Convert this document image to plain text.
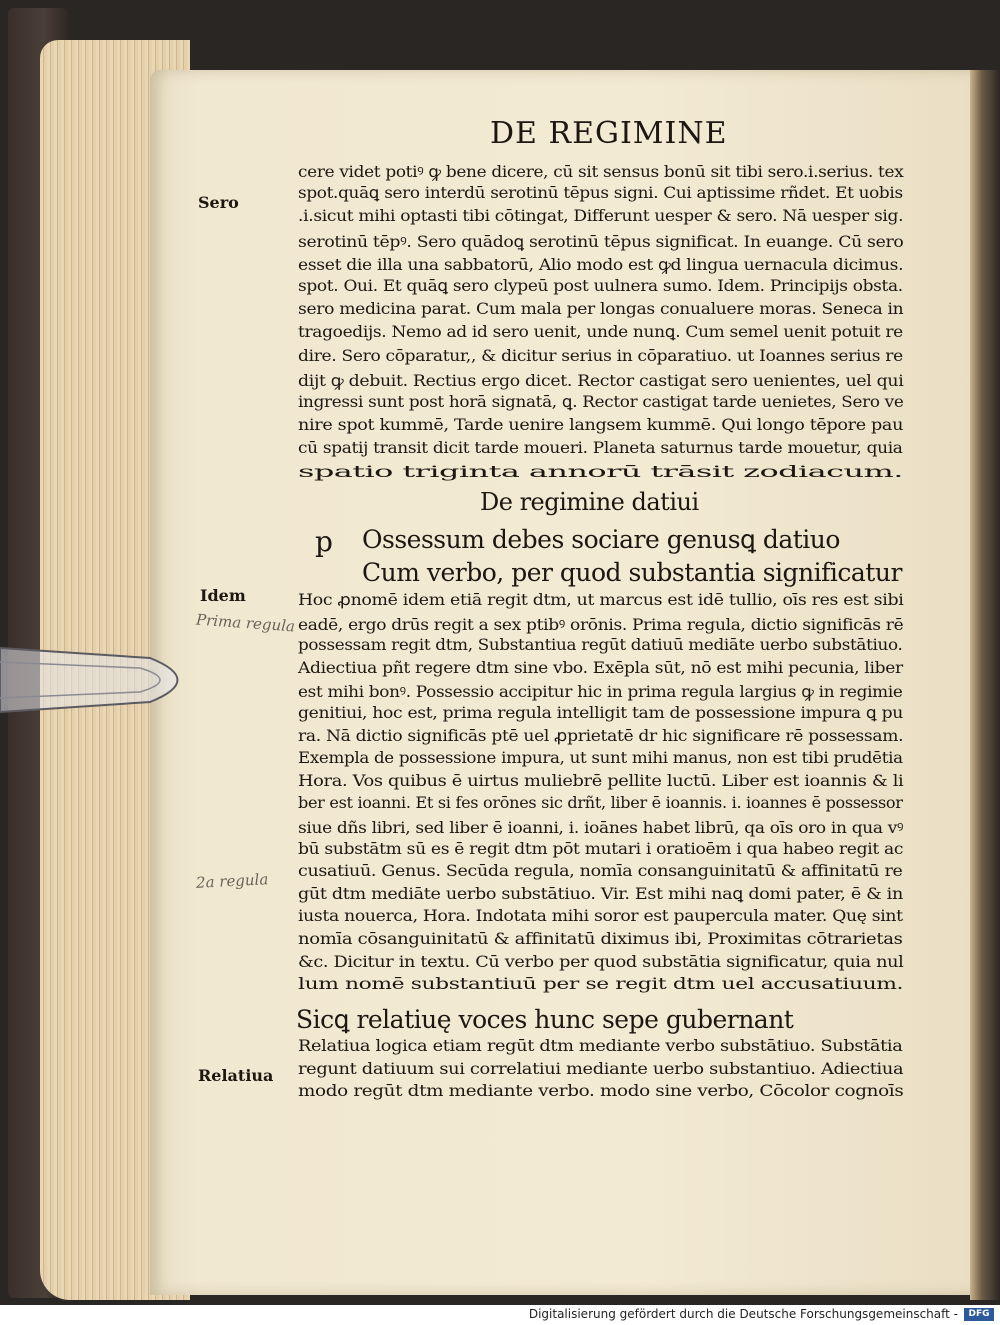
DE REGIMINE
cere videt potiꝰ ꝙ bene dicere, cū sit sensus bonū sit tibi sero.i.serius. tex
spot.quāꝗ sero interdū serotinū tēpus signi. Cui aptissime rñdet. Et uobis
.i.sicut mihi optasti tibi cōtingat, Differunt uesper & sero. Nā uesper sig.
serotinū tēpꝰ. Sero quādoꝗ serotinū tēpus significat. In euange. Cū sero
esset die illa una sabbatorū, Alio modo est ꝙd lingua uernacula dicimus.
spot. Oui. Et quāꝗ sero clypeū post uulnera sumo. Idem. Principijs obsta.
sero medicina parat. Cum mala per longas conualuere moras. Seneca in
tragoedijs. Nemo ad id sero uenit, unde nunꝗ. Cum semel uenit potuit re
dire. Sero cōparatur,, & dicitur serius in cōparatiuo. ut Ioannes serius re
dijt ꝙ debuit. Rectius ergo dicet. Rector castigat sero uenientes, uel qui
ingressi sunt post horā signatā, ꝗ. Rector castigat tarde uenietes, Sero ve
nire spot kummē, Tarde uenire langsem kummē. Qui longo tēpore pau
cū spatij transit dicit tarde moueri. Planeta saturnus tarde mouetur, quia
spatio triginta annorū trāsit zodiacum.
De regimine datiui
p Ossessum debes sociare genusꝗ datiuo
Cum verbo, per quod substantia significatur
Hoc ꝓnomē idem etiā regit dtm, ut marcus est idē tullio, oīs res est sibi
eadē, ergo drūs regit a sex ptibꝰ orōnis. Prima regula, dictio significās rē
possessam regit dtm, Substantiua regūt datiuū mediāte uerbo substātiuo.
Adiectiua pñt regere dtm sine vbo. Exēpla sūt, nō est mihi pecunia, liber
est mihi bonꝰ. Possessio accipitur hic in prima regula largius ꝙ in regimie
genitiui, hoc est, prima regula intelligit tam de possessione impura ꝗ pu
ra. Nā dictio significās ptē uel ꝓprietatē dr hic significare rē possessam.
Exempla de possessione impura, ut sunt mihi manus, non est tibi prudētia
Hora. Vos quibus ē uirtus muliebrē pellite luctū. Liber est ioannis & li
ber est ioanni. Et si fes orōnes sic drñt, liber ē ioannis. i. ioannes ē possessor
siue dñs libri, sed liber ē ioanni, i. ioānes habet librū, qa oīs oro in qua vꝰ
bū substātm sū es ē regit dtm pōt mutari i oratioēm i qua habeo regit ac
cusatiuū. Genus. Secūda regula, nomīa consanguinitatū & affinitatū re
gūt dtm mediāte uerbo substātiuo. Vir. Est mihi naꝗ domi pater, ē & in
iusta nouerca, Hora. Indotata mihi soror est paupercula mater. Quę sint
nomīa cōsanguinitatū & affinitatū diximus ibi, Proximitas cōtrarietas
&c. Dicitur in textu. Cū verbo per quod substātia significatur, quia nul
lum nomē substantiuū per se regit dtm uel accusatiuum.
Sicꝗ relatiuę voces hunc sepe gubernant
Relatiua logica etiam regūt dtm mediante verbo substātiuo. Substātia
regunt datiuum sui correlatiui mediante uerbo substantiuo. Adiectiua
modo regūt dtm mediante verbo. modo sine verbo, Cōcolor cognoīs
Sero
Idem
Relatiua
Prima regula
2a regula
Digitalisierung gefördert durch die Deutsche Forschungsgemeinschaft -	DFG
